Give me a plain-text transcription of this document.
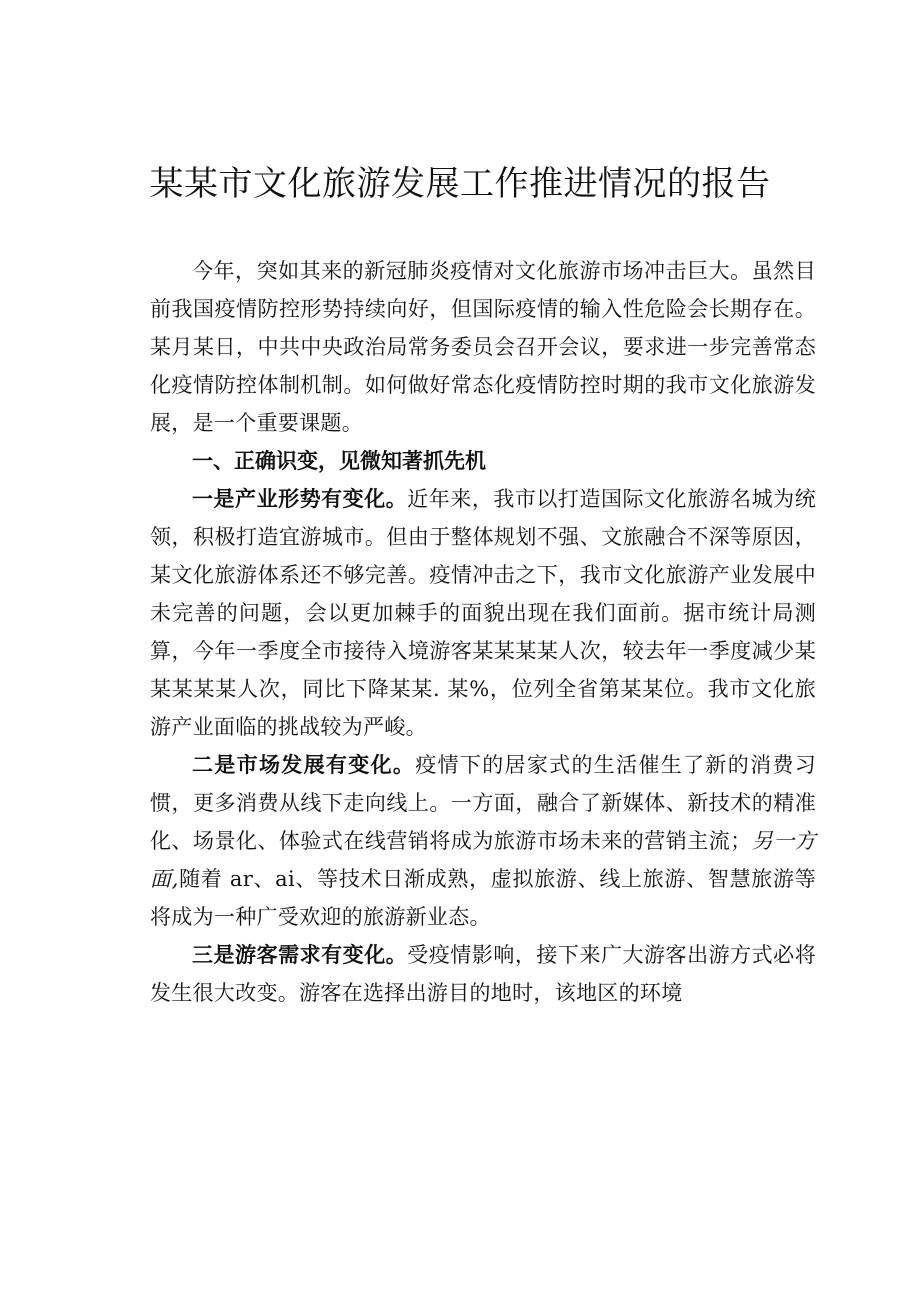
某某市文化旅游发展工作推进情况的报告

今年，突如其来的新冠肺炎疫情对文化旅游市场冲击巨大。虽然目前我国疫情防控形势持续向好，但国际疫情的输入性危险会长期存在。某月某日，中共中央政治局常务委员会召开会议，要求进一步完善常态化疫情防控体制机制。如何做好常态化疫情防控时期的我市文化旅游发展，是一个重要课题。

一、正确识变，见微知著抓先机

一是产业形势有变化。近年来，我市以打造国际文化旅游名城为统领，积极打造宜游城市。但由于整体规划不强、文旅融合不深等原因，某文化旅游体系还不够完善。疫情冲击之下，我市文化旅游产业发展中未完善的问题，会以更加棘手的面貌出现在我们面前。据市统计局测算，今年一季度全市接待入境游客某某某某人次，较去年一季度减少某某某某某人次，同比下降某某. 某%，位列全省第某某位。我市文化旅游产业面临的挑战较为严峻。

二是市场发展有变化。疫情下的居家式的生活催生了新的消费习惯，更多消费从线下走向线上。一方面，融合了新媒体、新技术的精准化、场景化、体验式在线营销将成为旅游市场未来的营销主流；另一方面,随着 ar、ai、等技术日渐成熟，虚拟旅游、线上旅游、智慧旅游等将成为一种广受欢迎的旅游新业态。

三是游客需求有变化。受疫情影响，接下来广大游客出游方式必将发生很大改变。游客在选择出游目的地时，该地区的环境
